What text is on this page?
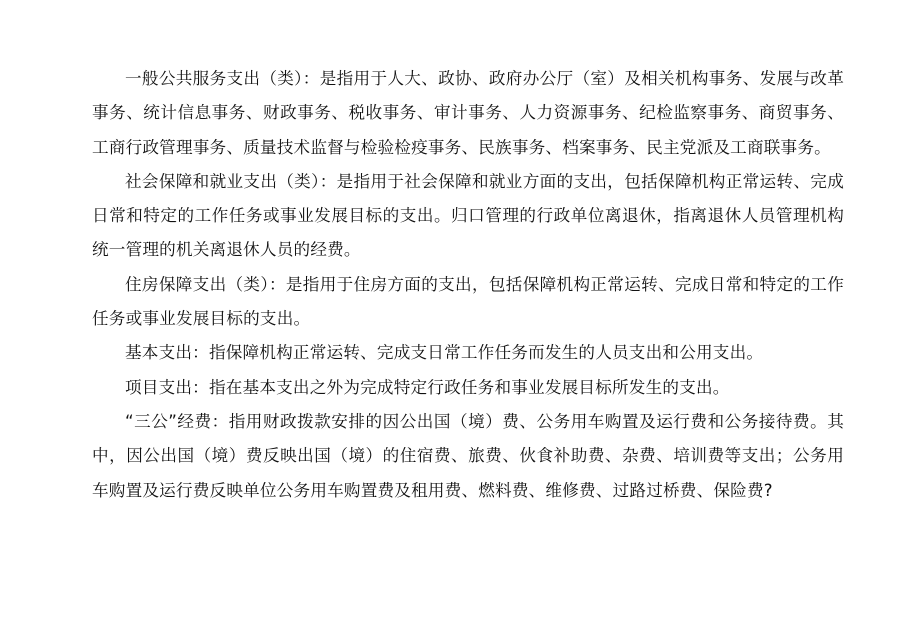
一般公共服务支出（类）：是指用于人大、政协、政府办公厅（室）及相关机构事务、发展与改革事务、统计信息事务、财政事务、税收事务、审计事务、人力资源事务、纪检监察事务、商贸事务、工商行政管理事务、质量技术监督与检验检疫事务、民族事务、档案事务、民主党派及工商联事务。

社会保障和就业支出（类）：是指用于社会保障和就业方面的支出，包括保障机构正常运转、完成日常和特定的工作任务或事业发展目标的支出。归口管理的行政单位离退休，指离退休人员管理机构统一管理的机关离退休人员的经费。

住房保障支出（类）：是指用于住房方面的支出，包括保障机构正常运转、完成日常和特定的工作任务或事业发展目标的支出。

基本支出：指保障机构正常运转、完成支日常工作任务而发生的人员支出和公用支出。

项目支出：指在基本支出之外为完成特定行政任务和事业发展目标所发生的支出。

“三公”经费：指用财政拨款安排的因公出国（境）费、公务用车购置及运行费和公务接待费。其中，因公出国（境）费反映出国（境）的住宿费、旅费、伙食补助费、杂费、培训费等支出；公务用车购置及运行费反映单位公务用车购置费及租用费、燃料费、维修费、过路过桥费、保险费?
